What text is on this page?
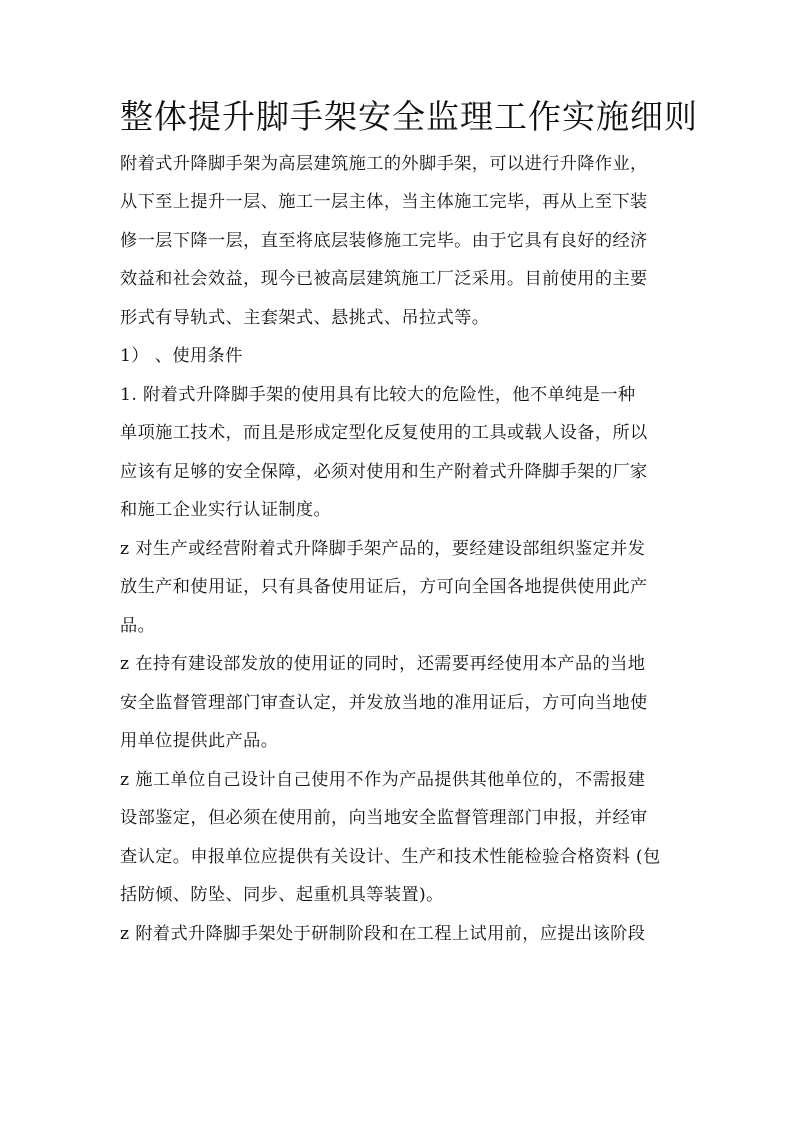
整体提升脚手架安全监理工作实施细则
附着式升降脚手架为高层建筑施工的外脚手架，可以进行升降作业，
从下至上提升一层、施工一层主体，当主体施工完毕，再从上至下装
修一层下降一层，直至将底层装修施工完毕。由于它具有良好的经济
效益和社会效益，现今已被高层建筑施工厂泛采用。目前使用的主要
形式有导轨式、主套架式、悬挑式、吊拉式等。
1） 、使用条件
1. 附着式升降脚手架的使用具有比较大的危险性，他不单纯是一种
单项施工技术，而且是形成定型化反复使用的工具或载人设备，所以
应该有足够的安全保障，必须对使用和生产附着式升降脚手架的厂家
和施工企业实行认证制度。
z 对生产或经营附着式升降脚手架产品的，要经建设部组织鉴定并发
放生产和使用证，只有具备使用证后，方可向全国各地提供使用此产
品。
z 在持有建设部发放的使用证的同时，还需要再经使用本产品的当地
安全监督管理部门审查认定，并发放当地的准用证后，方可向当地使
用单位提供此产品。
z 施工单位自己设计自己使用不作为产品提供其他单位的，不需报建
设部鉴定，但必须在使用前，向当地安全监督管理部门申报，并经审
查认定。申报单位应提供有关设计、生产和技术性能检验合格资料 (包
括防倾、防坠、同步、起重机具等装置)。
z 附着式升降脚手架处于研制阶段和在工程上试用前，应提出该阶段
